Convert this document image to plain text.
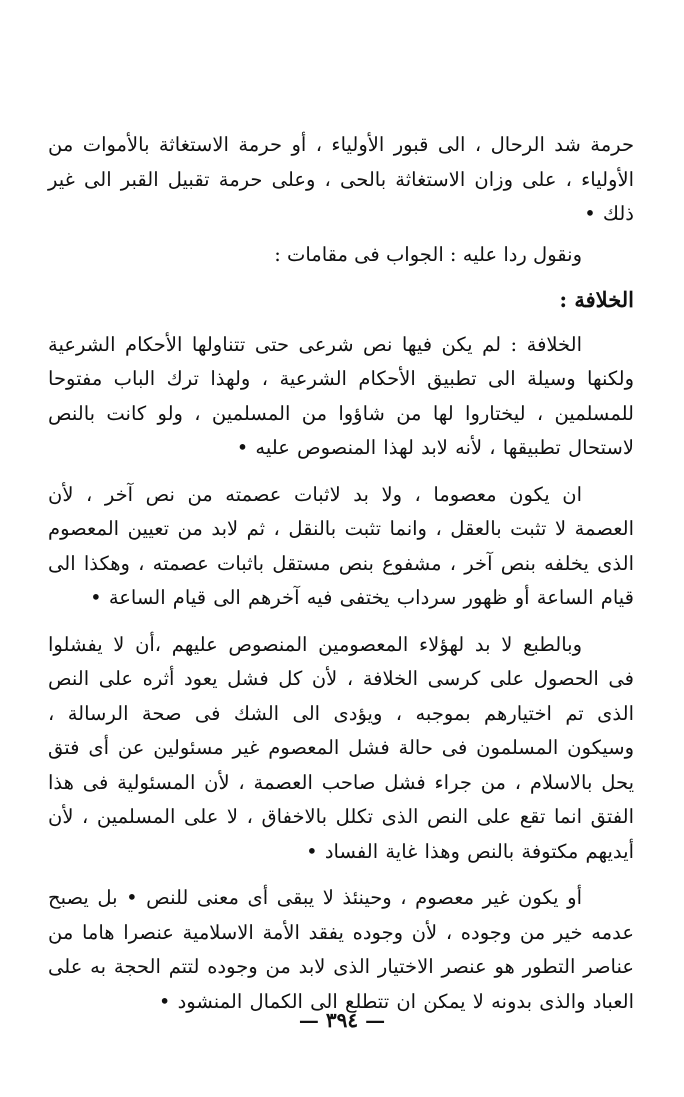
حرمة شد الرحال ، الى قبور الأولياء ، أو حرمة الاستغاثة بالأموات من الأولياء ، على وزان الاستغاثة بالحى ، وعلى حرمة تقبيل القبر الى غير ذلك •

ونقول ردا عليه : الجواب فى مقامات :

الخلافة :

الخلافة : لم يكن فيها نص شرعى حتى تتناولها الأحكام الشرعية ولكنها وسيلة الى تطبيق الأحكام الشرعية ، ولهذا ترك الباب مفتوحا للمسلمين ، ليختاروا لها من شاؤوا من المسلمين ، ولو كانت بالنص لاستحال تطبيقها ، لأنه لابد لهذا المنصوص عليه •

ان يكون معصوما ، ولا بد لاثبات عصمته من نص آخر ، لأن العصمة لا تثبت بالعقل ، وانما تثبت بالنقل ، ثم لابد من تعيين المعصوم الذى يخلفه بنص آخر ، مشفوع بنص مستقل باثبات عصمته ، وهكذا الى قيام الساعة أو ظهور سرداب يختفى فيه آخرهم الى قيام الساعة •

وبالطبع لا بد لهؤلاء المعصومين المنصوص عليهم ،أن لا يفشلوا فى الحصول على كرسى الخلافة ، لأن كل فشل يعود أثره على النص الذى تم اختيارهم بموجبه ، ويؤدى الى الشك فى صحة الرسالة ، وسيكون المسلمون فى حالة فشل المعصوم غير مسئولين عن أى فتق يحل بالاسلام ، من جراء فشل صاحب العصمة ، لأن المسئولية فى هذا الفتق انما تقع على النص الذى تكلل بالاخفاق ، لا على المسلمين ، لأن أيديهم مكتوفة بالنص وهذا غاية الفساد •

أو يكون غير معصوم ، وحينئذ لا يبقى أى معنى للنص • بل يصبح عدمه خير من وجوده ، لأن وجوده يفقد الأمة الاسلامية عنصرا هاما من عناصر التطور هو عنصر الاختيار الذى لابد من وجوده لتتم الحجة به على العباد والذى بدونه لا يمكن ان تتطلع الى الكمال المنشود •

— ٣٩٤ —
